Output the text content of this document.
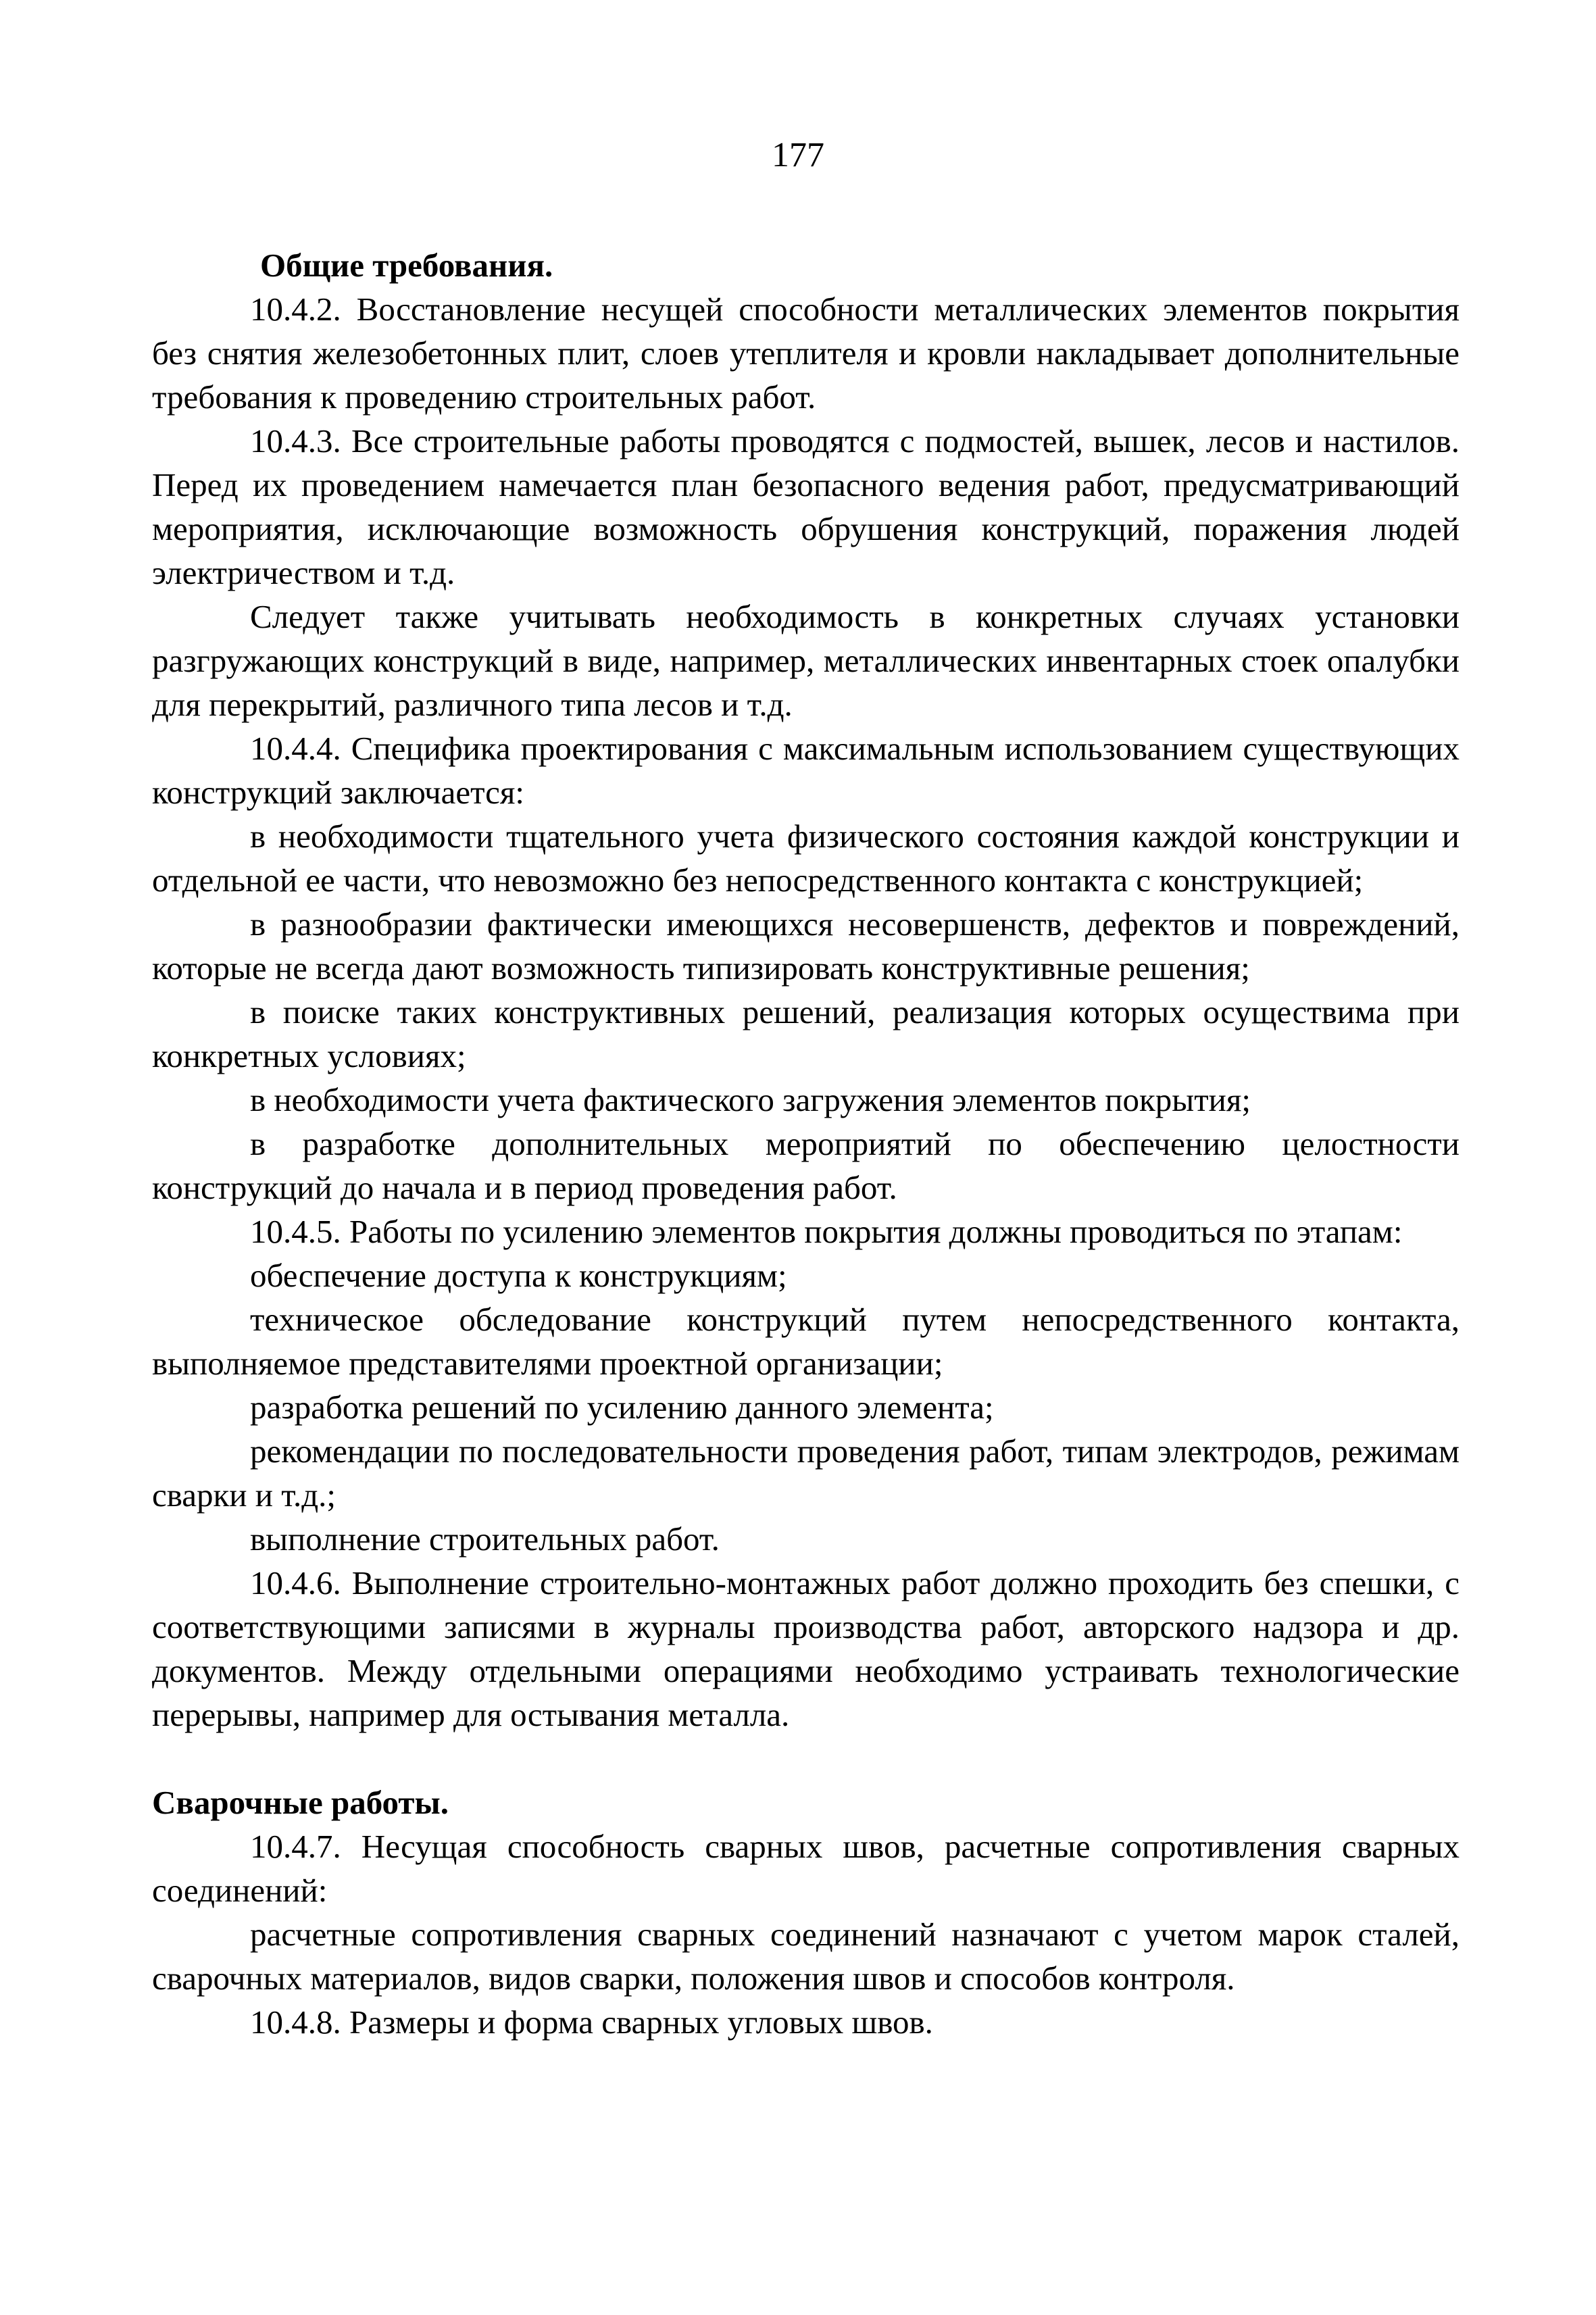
177

Общие требования.

10.4.2. Восстановление несущей способности металлических элементов покрытия без снятия железобетонных плит, слоев утеплителя и кровли накладывает дополнительные требования к проведению строительных работ.

10.4.3. Все строительные работы проводятся с подмостей, вышек, лесов и настилов. Перед их проведением намечается план безопасного ведения работ, предусматривающий мероприятия, исключающие возможность обрушения конструкций, поражения людей электричеством и т.д.

Следует также учитывать необходимость в конкретных случаях установки разгружающих конструкций в виде, например, металлических инвентарных стоек опалубки для перекрытий, различного типа лесов и т.д.

10.4.4. Специфика проектирования с максимальным использованием существующих конструкций заключается:

в необходимости тщательного учета физического состояния каждой конструкции и отдельной ее части, что невозможно без непосредственного контакта с конструкцией;

в разнообразии фактически имеющихся несовершенств, дефектов и повреждений, которые не всегда дают возможность типизировать конструктивные решения;

в поиске таких конструктивных решений, реализация которых осуществима при конкретных условиях;

в необходимости учета фактического загружения элементов покрытия;

в разработке дополнительных мероприятий по обеспечению целостности конструкций до начала и в период проведения работ.

10.4.5. Работы по усилению элементов покрытия должны проводиться по этапам:

обеспечение доступа к конструкциям;

техническое обследование конструкций путем непосредственного контакта, выполняемое представителями проектной организации;

разработка решений по усилению данного элемента;

рекомендации по последовательности проведения работ, типам электродов, режимам сварки и т.д.;

выполнение строительных работ.

10.4.6. Выполнение строительно-монтажных работ должно проходить без спешки, с соответствующими записями в журналы производства работ, авторского надзора и др. документов. Между отдельными операциями необходимо устраивать технологические перерывы, например для остывания металла.

Сварочные работы.

10.4.7. Несущая способность сварных швов, расчетные сопротивления сварных соединений:

расчетные сопротивления сварных соединений назначают с учетом марок сталей, сварочных материалов, видов сварки, положения швов и способов контроля.

10.4.8. Размеры и форма сварных угловых швов.
